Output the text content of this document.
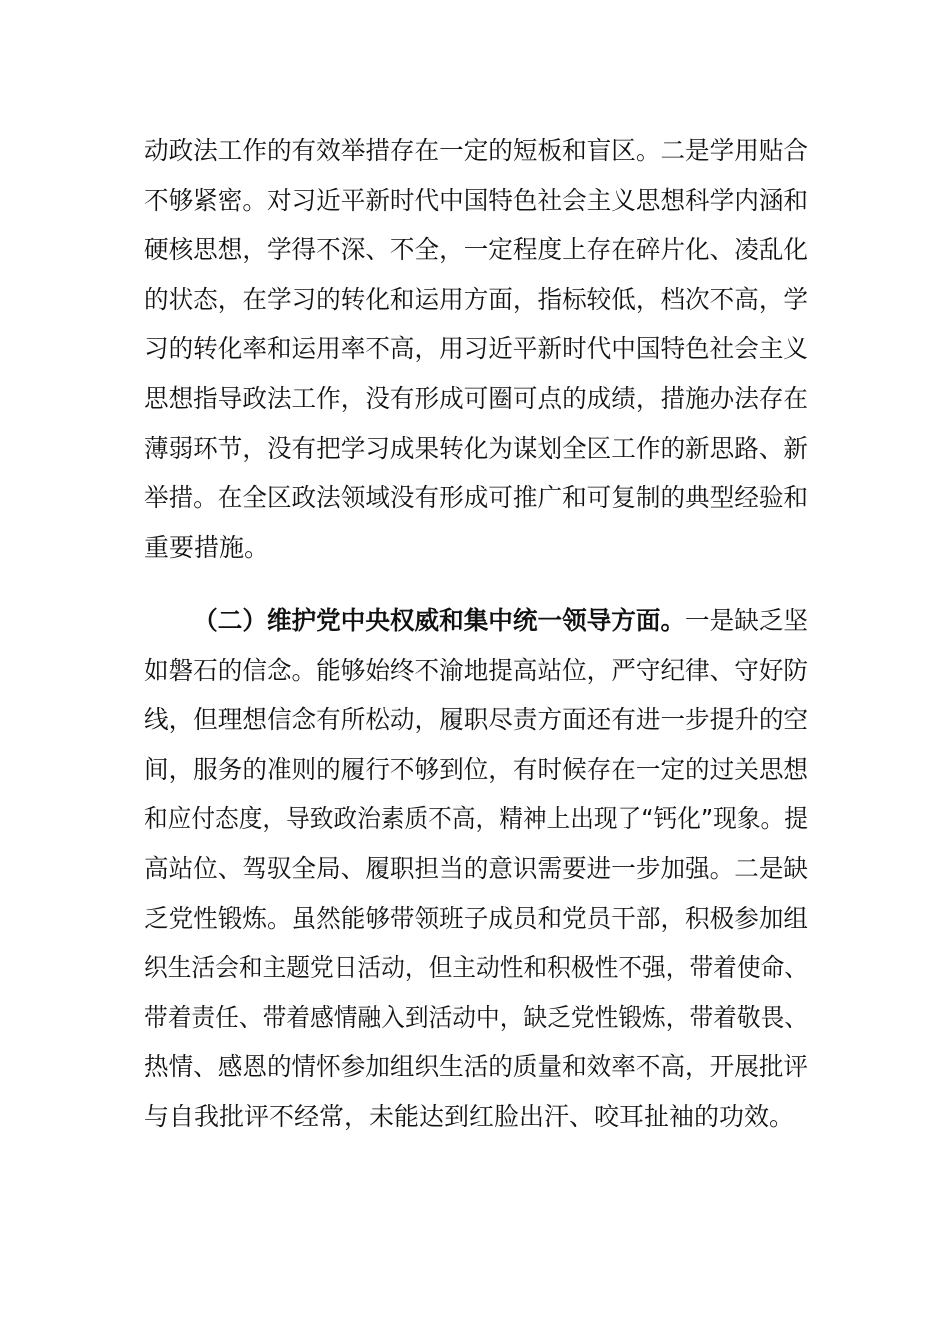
动政法工作的有效举措存在一定的短板和盲区。二是学用贴合
不够紧密。对习近平新时代中国特色社会主义思想科学内涵和
硬核思想，学得不深、不全，一定程度上存在碎片化、凌乱化
的状态，在学习的转化和运用方面，指标较低，档次不高，学
习的转化率和运用率不高，用习近平新时代中国特色社会主义
思想指导政法工作，没有形成可圈可点的成绩，措施办法存在
薄弱环节，没有把学习成果转化为谋划全区工作的新思路、新
举措。在全区政法领域没有形成可推广和可复制的典型经验和
重要措施。
（二）维护党中央权威和集中统一领导方面。一是缺乏坚
如磐石的信念。能够始终不渝地提高站位，严守纪律、守好防
线，但理想信念有所松动，履职尽责方面还有进一步提升的空
间，服务的准则的履行不够到位，有时候存在一定的过关思想
和应付态度，导致政治素质不高，精神上出现了“钙化”现象。提
高站位、驾驭全局、履职担当的意识需要进一步加强。二是缺
乏党性锻炼。虽然能够带领班子成员和党员干部，积极参加组
织生活会和主题党日活动，但主动性和积极性不强，带着使命、
带着责任、带着感情融入到活动中，缺乏党性锻炼，带着敬畏、
热情、感恩的情怀参加组织生活的质量和效率不高，开展批评
与自我批评不经常，未能达到红脸出汗、咬耳扯袖的功效。
